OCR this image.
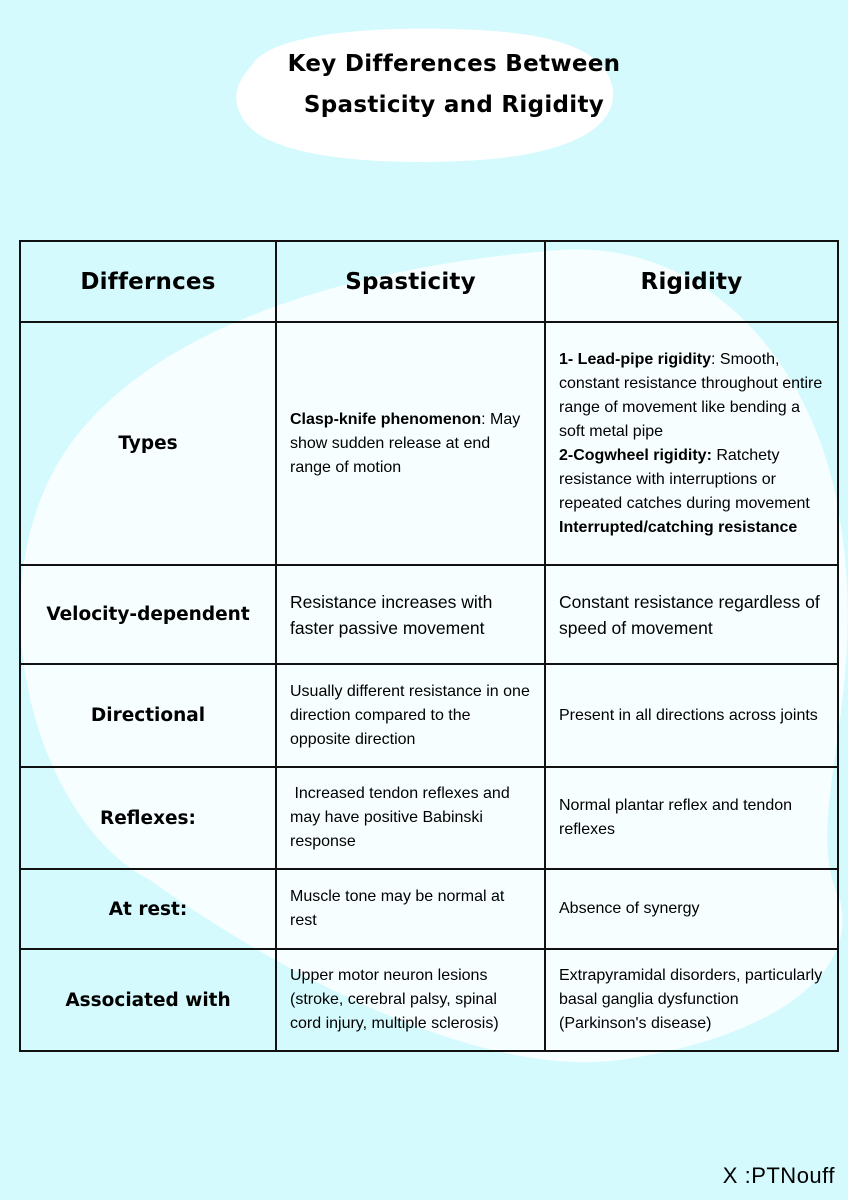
Key Differences Between
Spasticity and Rigidity
Differnces	Spasticity	Rigidity
Types	Clasp-knife phenomenon: May show sudden release at end range of motion	1- Lead-pipe rigidity: Smooth, constant resistance throughout entire range of movement like bending a soft metal pipe
2-Cogwheel rigidity: Ratchety resistance with interruptions or repeated catches during movement Interrupted/catching resistance
Velocity-dependent	Resistance increases with faster passive movement	Constant resistance regardless of speed of movement
Directional	Usually different resistance in one direction compared to the opposite direction	Present in all directions across joints
Reflexes:	Increased tendon reflexes and may have positive Babinski response	Normal plantar reflex and tendon reflexes
At rest:	Muscle tone may be normal at rest	Absence of synergy
Associated with	Upper motor neuron lesions (stroke, cerebral palsy, spinal cord injury, multiple sclerosis)	Extrapyramidal disorders, particularly basal ganglia dysfunction (Parkinson's disease)
X :PTNouff
